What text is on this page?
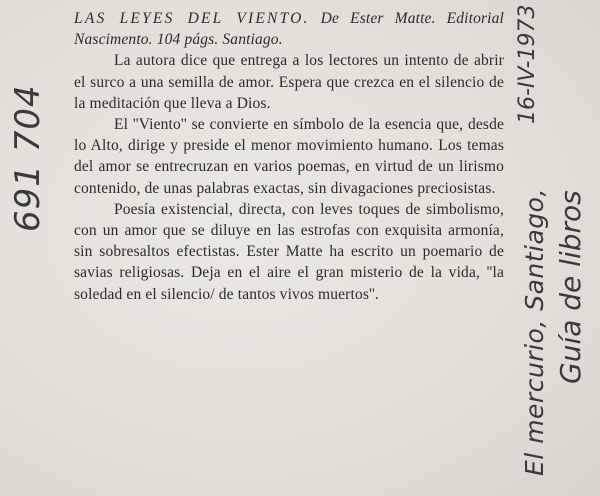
LAS LEYES DEL VIENTO. De Ester Matte. Editorial Nascimento. 104 págs. Santiago.

La autora dice que entrega a los lectores un intento de abrir el surco a una semilla de amor. Espera que crezca en el silencio de la meditación que lleva a Dios.

El ''Viento'' se convierte en símbolo de la esencia que, desde lo Alto, dirige y preside el menor movimiento humano. Los temas del amor se entrecruzan en varios poemas, en virtud de un lirismo contenido, de unas palabras exactas, sin divagaciones preciosistas.

Poesía existencial, directa, con leves toques de simbolismo, con un amor que se diluye en las estrofas con exquisita armonía, sin sobresaltos efectistas. Ester Matte ha escrito un poemario de savias religiosas. Deja en el aire el gran misterio de la vida, ''la soledad en el silencio/ de tantos vivos muertos''.

691 704
El mercurio, Santiago, Guía de libros
16-IV-1973
